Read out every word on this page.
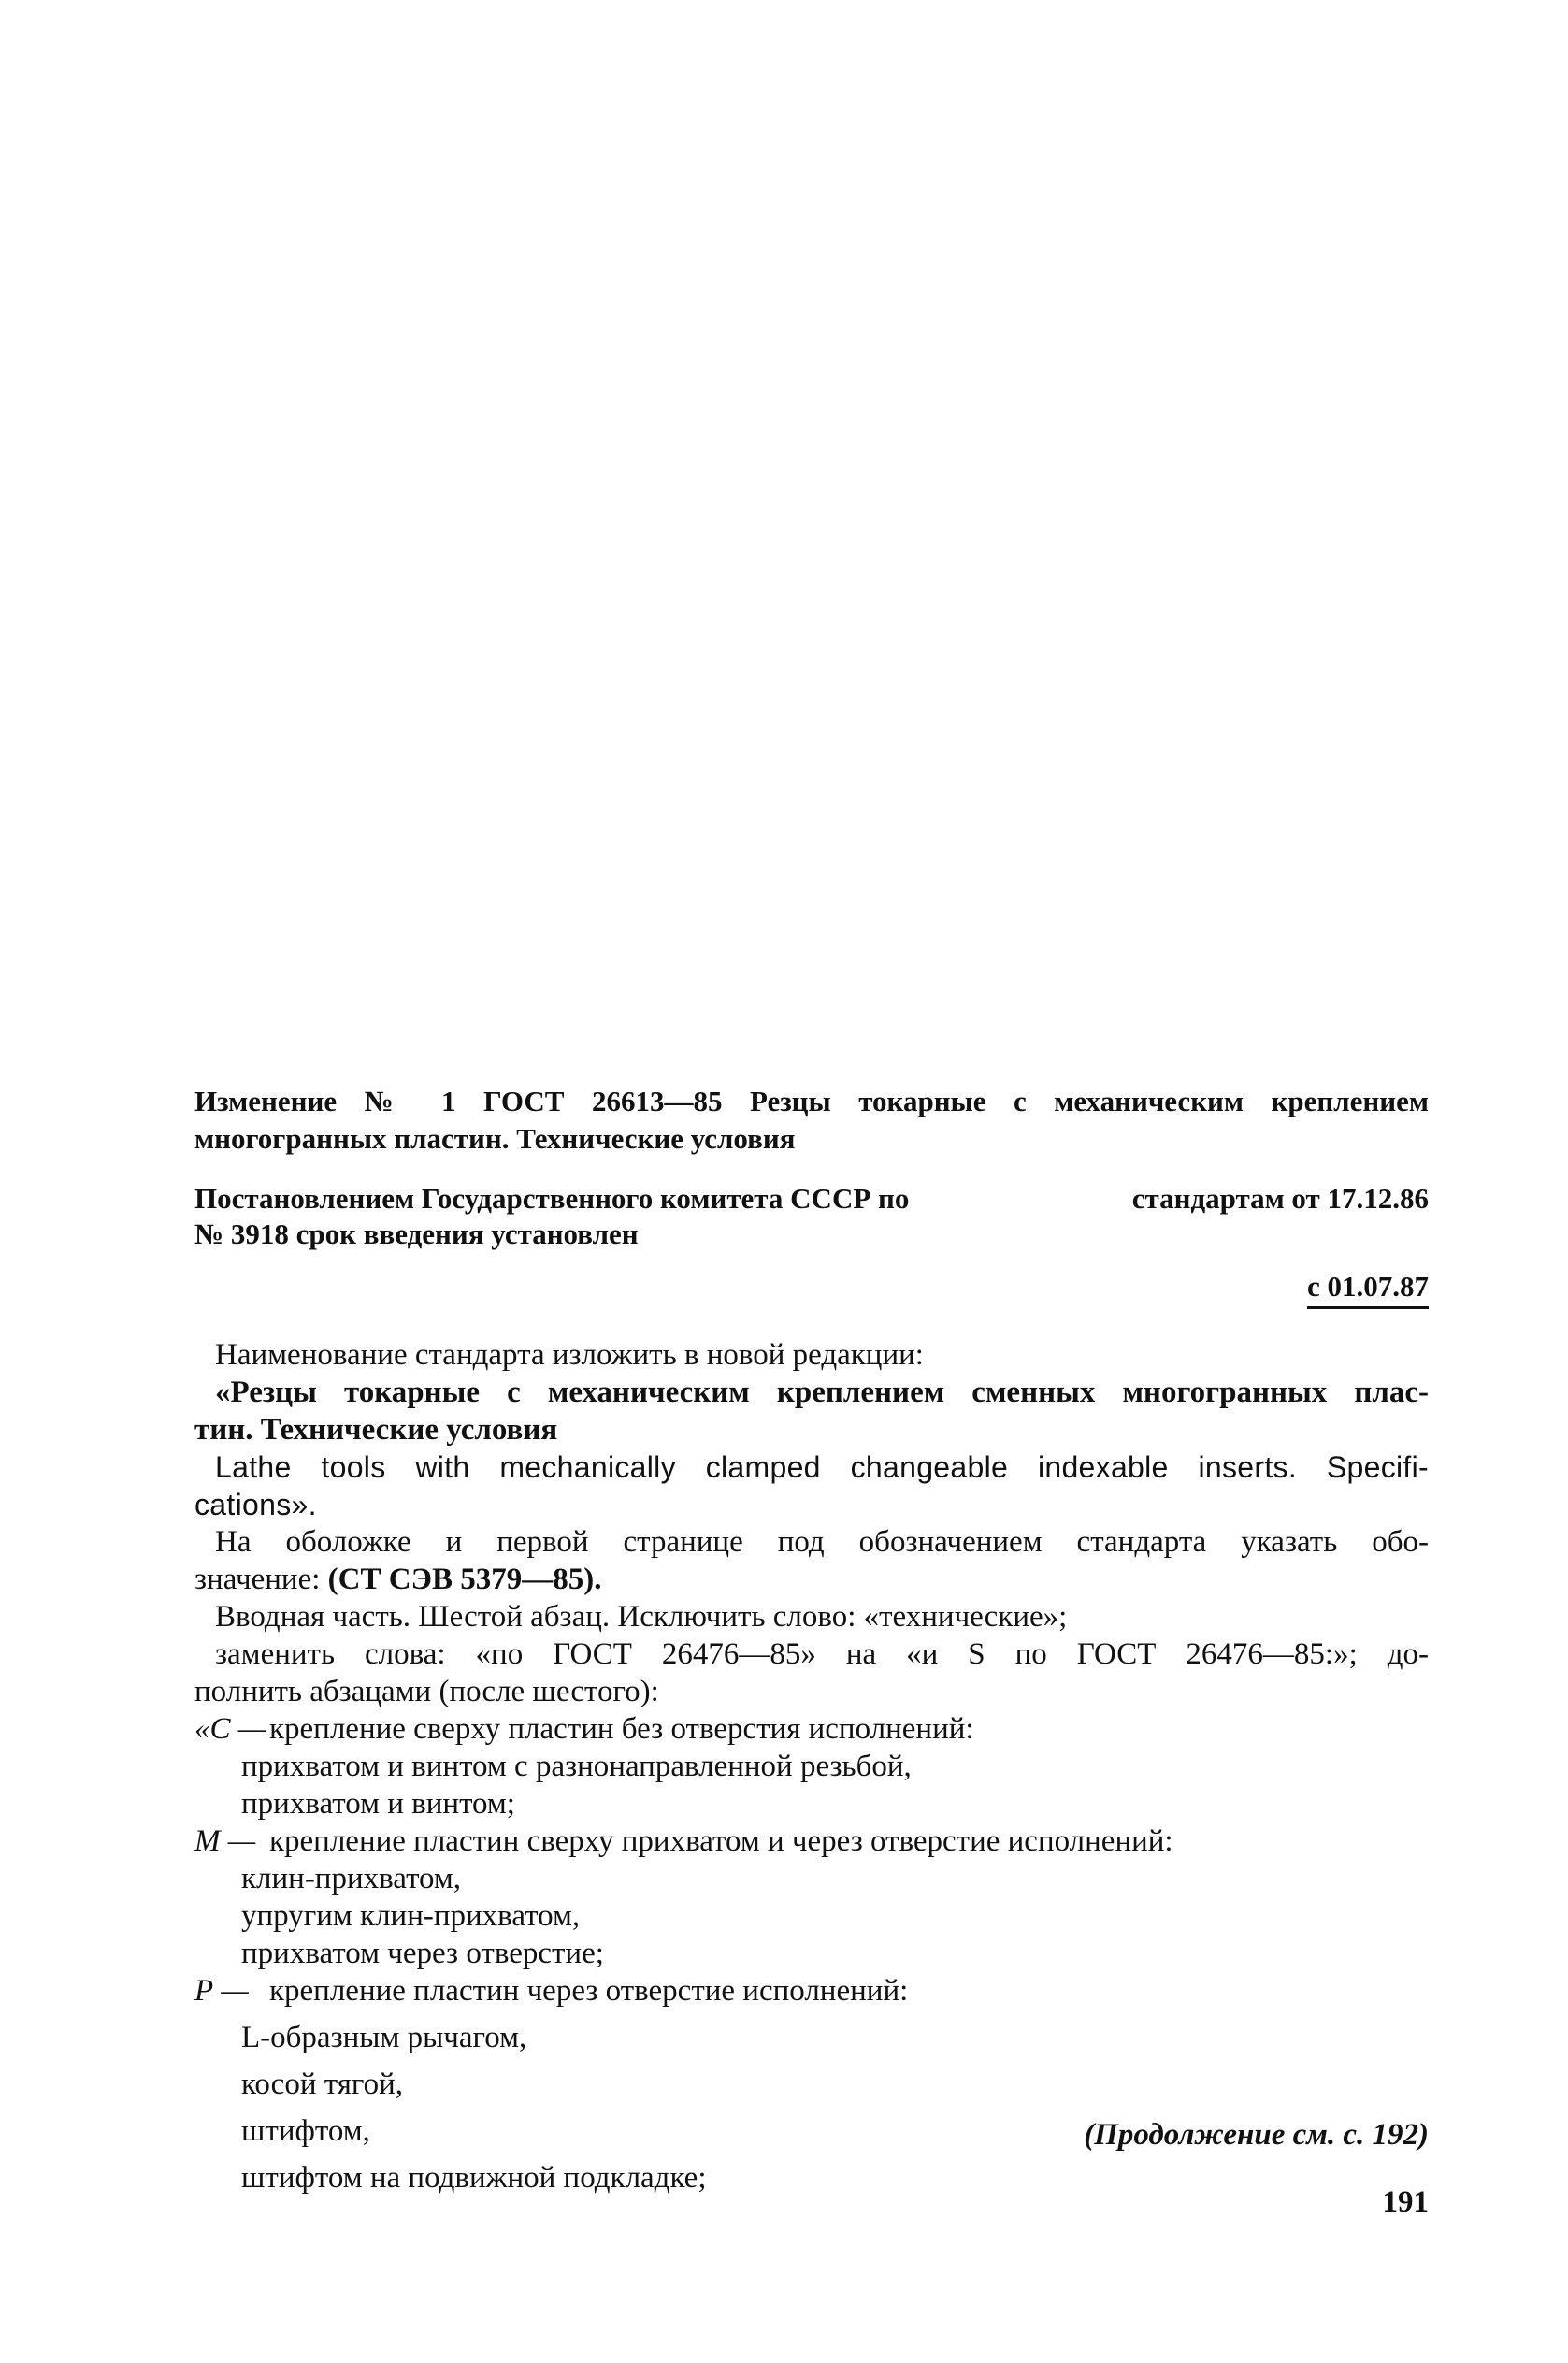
Изменение № 1 ГОСТ 26613—85 Резцы токарные с механическим креплением
многогранных пластин. Технические условия
Постановлением Государственного комитета СССР по	стандартам от 17.12.86
№ 3918 срок введения установлен
с 01.07.87
Наименование стандарта изложить в новой редакции:
«Резцы токарные с механическим креплением сменных многогранных плас-
тин. Технические условия
Lathe tools with mechanically clamped changeable indexable inserts. Specifi-
cations».
На оболожке и первой странице под обозначением стандарта указать обо-
значение: (СТ СЭВ 5379—85).
Вводная часть. Шестой абзац. Исключить слово: «технические»;
заменить слова: «по ГОСТ 26476—85» на «и S по ГОСТ 26476—85:»; до-
полнить абзацами (после шестого):
«С — крепление сверху пластин без отверстия исполнений:
прихватом и винтом с разнонаправленной резьбой,
прихватом и винтом;
М — крепление пластин сверху прихватом и через отверстие исполнений:
клин-прихватом,
упругим клин-прихватом,
прихватом через отверстие;
Р — крепление пластин через отверстие исполнений:
L-образным рычагом,
косой тягой,
штифтом,
штифтом на подвижной подкладке;
(Продолжение см. с. 192)
191
